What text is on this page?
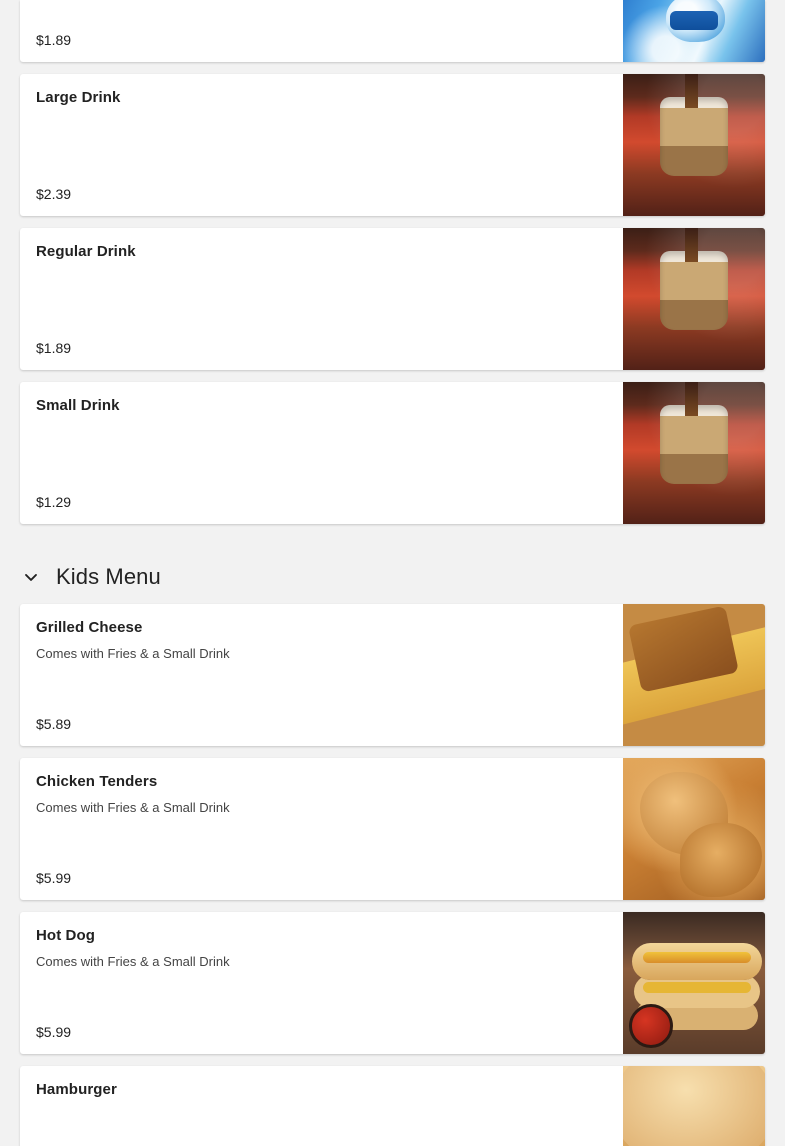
$1.89
Large Drink
$2.39
Regular Drink
$1.89
Small Drink
$1.29
Kids Menu
Grilled Cheese
Comes with Fries & a Small Drink
$5.89
Chicken Tenders
Comes with Fries & a Small Drink
$5.99
Hot Dog
Comes with Fries & a Small Drink
$5.99
Hamburger
